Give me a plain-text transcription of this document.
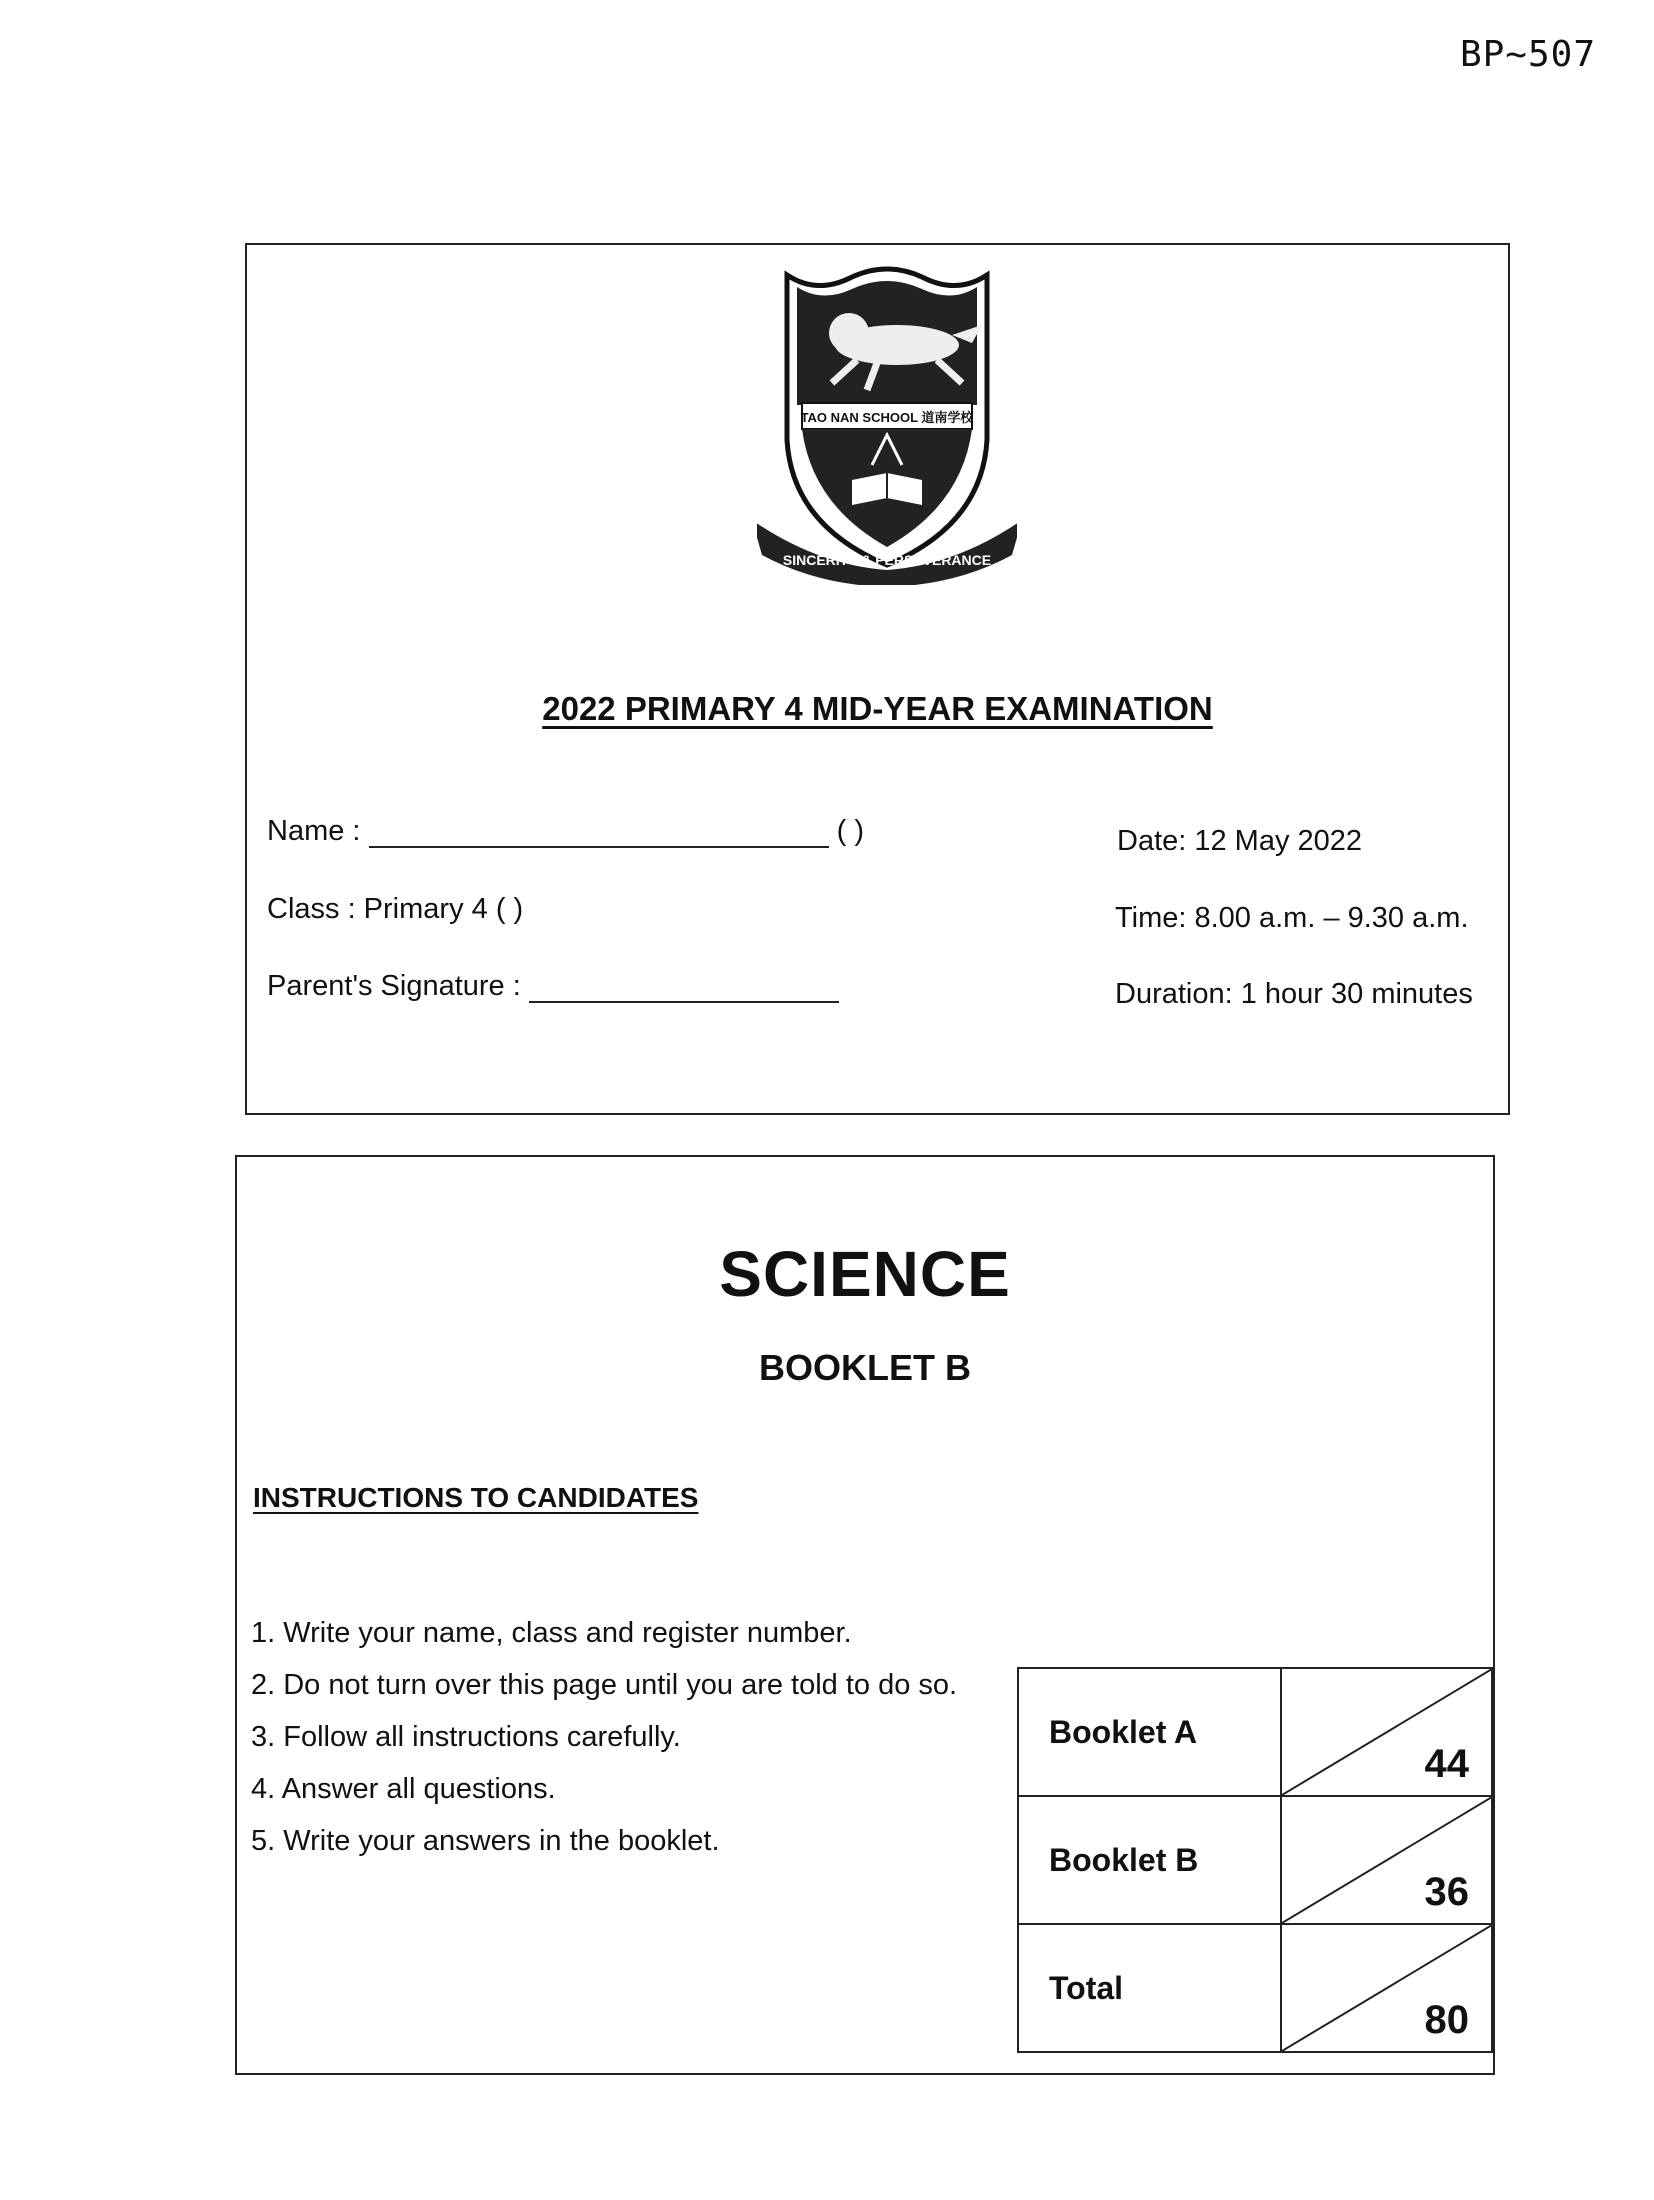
BP~507
TAO NAN SCHOOL 道南学校
SINCERITY & PERSEVERANCE
2022 PRIMARY 4 MID-YEAR EXAMINATION
Name :	( )
Class : Primary 4 ( )
Parent's Signature :
Date: 12 May 2022
Time: 8.00 a.m. – 9.30 a.m.
Duration: 1 hour 30 minutes
SCIENCE
BOOKLET B
INSTRUCTIONS TO CANDIDATES
1. Write your name, class and register number.
2. Do not turn over this page until you are told to do so.
3. Follow all instructions carefully.
4. Answer all questions.
5. Write your answers in the booklet.
Booklet A	44

Booklet B	36

Total	80
